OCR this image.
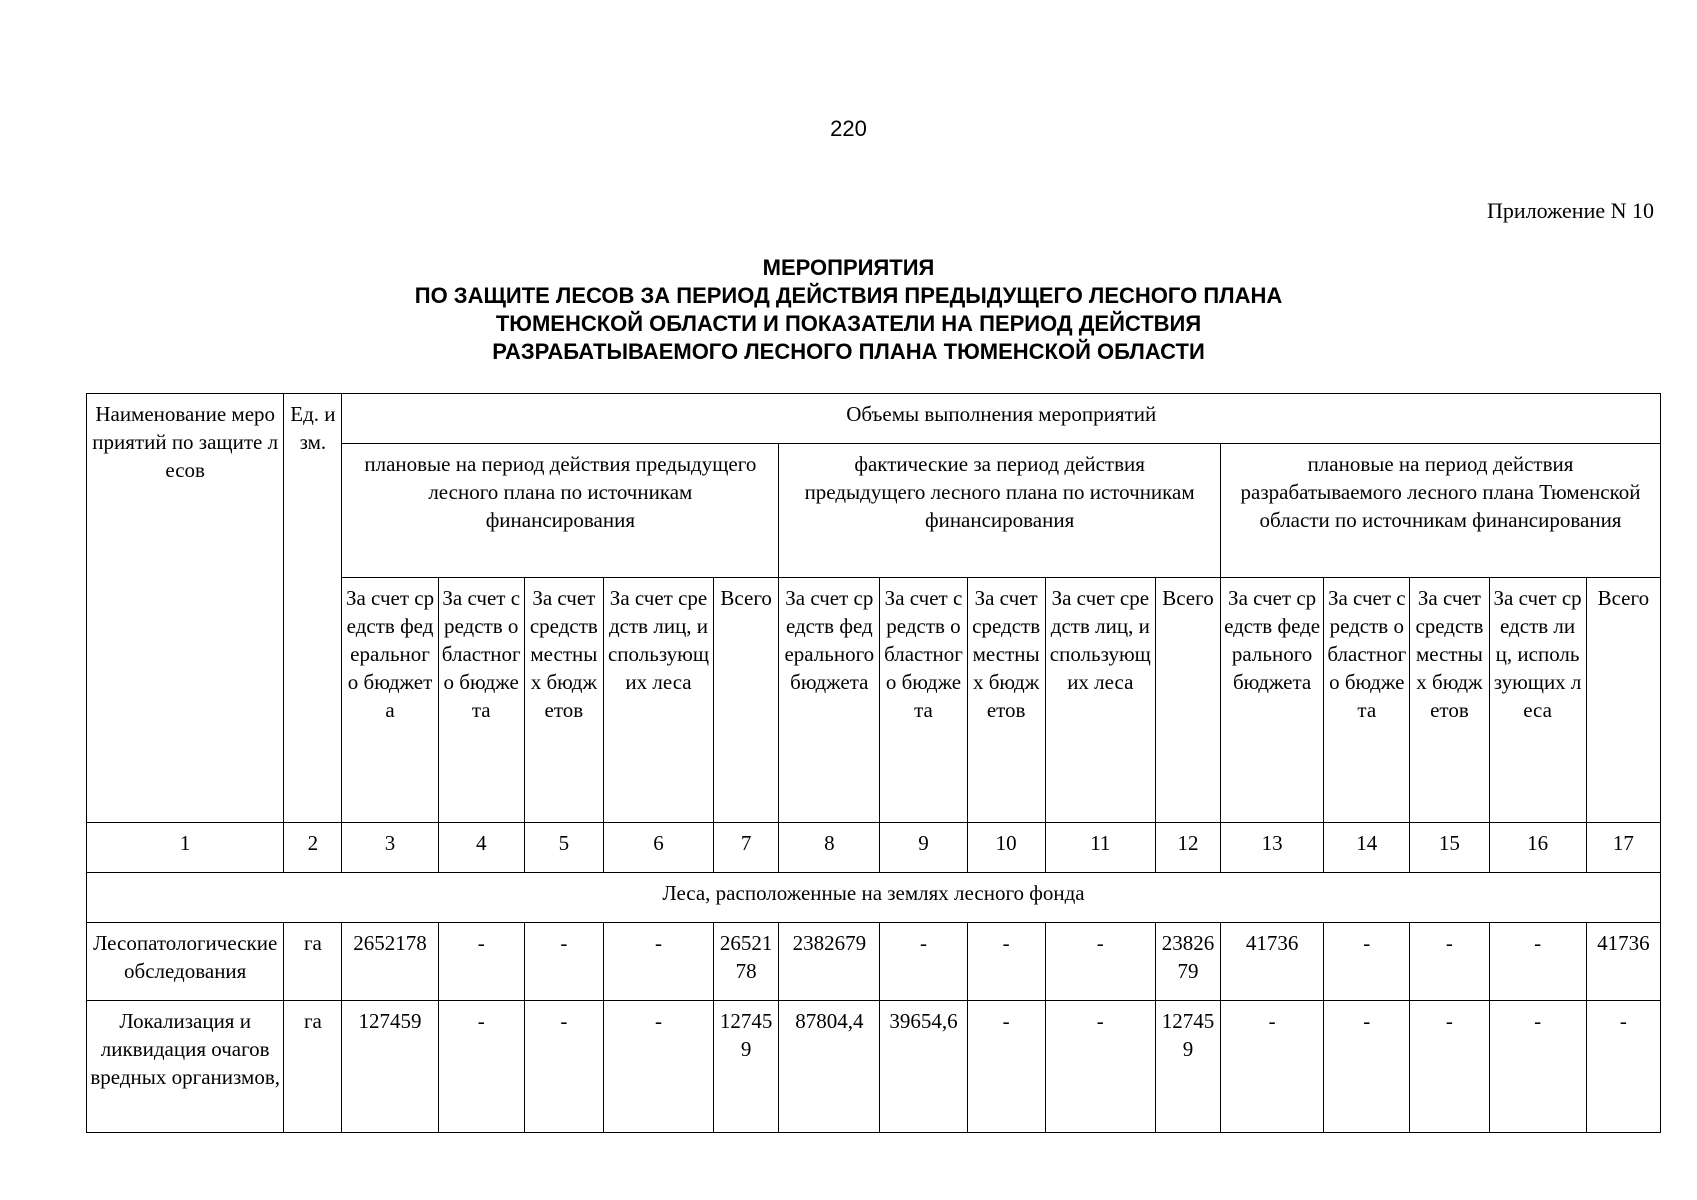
220
Приложение N 10
МЕРОПРИЯТИЯ
ПО ЗАЩИТЕ ЛЕСОВ ЗА ПЕРИОД ДЕЙСТВИЯ ПРЕДЫДУЩЕГО ЛЕСНОГО ПЛАНА
ТЮМЕНСКОЙ ОБЛАСТИ И ПОКАЗАТЕЛИ НА ПЕРИОД ДЕЙСТВИЯ
РАЗРАБАТЫВАЕМОГО ЛЕСНОГО ПЛАНА ТЮМЕНСКОЙ ОБЛАСТИ
Наименование мероприятий по защите лесов	Ед. изм.	Объемы выполнения мероприятий														
		плановые на период действия предыдущего лесного плана по источникам финансирования					фактические за период действия предыдущего лесного плана по источникам финансирования					плановые на период действия разрабатываемого лесного плана Тюменской области по источникам финансирования				
		За счет средств федерального бюджета	За счет средств областного бюджета	За счет средств местных бюджетов	За счет средств лиц, использующих леса	Всего	За счет средств федерального бюджета	За счет средств областного бюджета	За счет средств местных бюджетов	За счет средств лиц, использующих леса	Всего	За счет средств федерального бюджета	За счет средств областного бюджета	За счет средств местных бюджетов	За счет средств лиц, использующих леса	Всего
1	2	3	4	5	6	7	8	9	10	11	12	13	14	15	16	17
Леса, расположенные на землях лесного фонда																
Лесопатологические обследования	га	2652178	-	-	-	2652178	2382679	-	-	-	2382679	41736	-	-	-	41736
Локализация и ликвидация очагов вредных организмов,	га	127459	-	-	-	127459	87804,4	39654,6	-	-	127459	-	-	-	-	-
